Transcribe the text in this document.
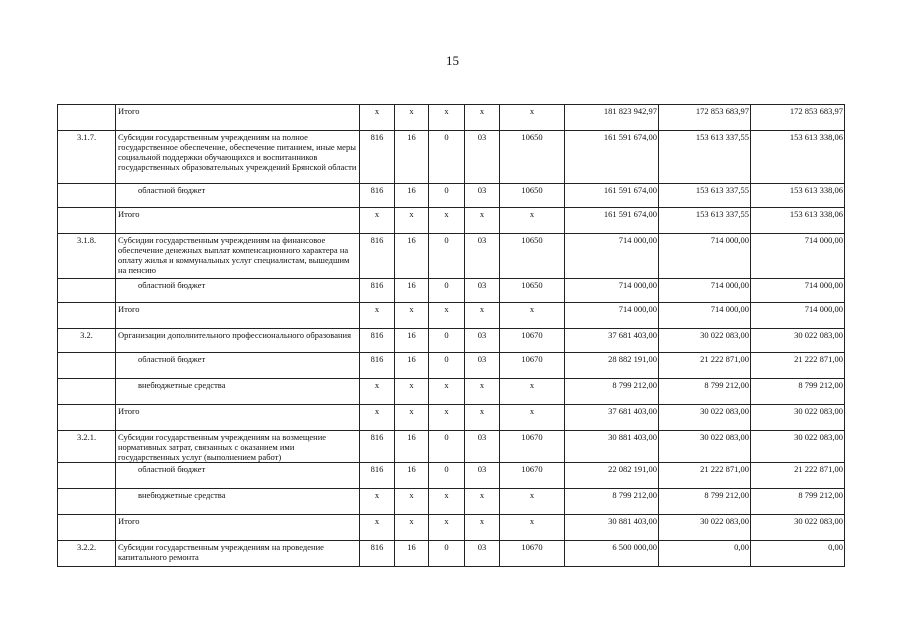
15
	Итого	x	x	x	x	x	181 823 942,97	172 853 683,97	172 853 683,97
3.1.7.	Субсидии государственным учреждениям на полное государственное обеспечение, обеспечение питанием, иные меры социальной поддержки обучающихся и воспитанников государственных образовательных учреждений Брянской области	816	16	0	03	10650	161 591 674,00	153 613 337,55	153 613 338,06
	областной бюджет	816	16	0	03	10650	161 591 674,00	153 613 337,55	153 613 338,06
	Итого	x	x	x	x	x	161 591 674,00	153 613 337,55	153 613 338,06
3.1.8.	Субсидии государственным учреждениям на финансовое обеспечение денежных выплат компенсационного характера на оплату жилья и коммунальных услуг специалистам, вышедшим на пенсию	816	16	0	03	10650	714 000,00	714 000,00	714 000,00
	областной бюджет	816	16	0	03	10650	714 000,00	714 000,00	714 000,00
	Итого	x	x	x	x	x	714 000,00	714 000,00	714 000,00
3.2.	Организации дополнительного профессионального образования	816	16	0	03	10670	37 681 403,00	30 022 083,00	30 022 083,00
	областной бюджет	816	16	0	03	10670	28 882 191,00	21 222 871,00	21 222 871,00
	внебюджетные средства	x	x	x	x	x	8 799 212,00	8 799 212,00	8 799 212,00
	Итого	x	x	x	x	x	37 681 403,00	30 022 083,00	30 022 083,00
3.2.1.	Субсидии государственным учреждениям на возмещение нормативных затрат, связанных с оказанием ими государственных услуг (выполнением работ)	816	16	0	03	10670	30 881 403,00	30 022 083,00	30 022 083,00
	областной бюджет	816	16	0	03	10670	22 082 191,00	21 222 871,00	21 222 871,00
	внебюджетные средства	x	x	x	x	x	8 799 212,00	8 799 212,00	8 799 212,00
	Итого	x	x	x	x	x	30 881 403,00	30 022 083,00	30 022 083,00
3.2.2.	Субсидии государственным учреждениям на проведение капитального ремонта	816	16	0	03	10670	6 500 000,00	0,00	0,00
